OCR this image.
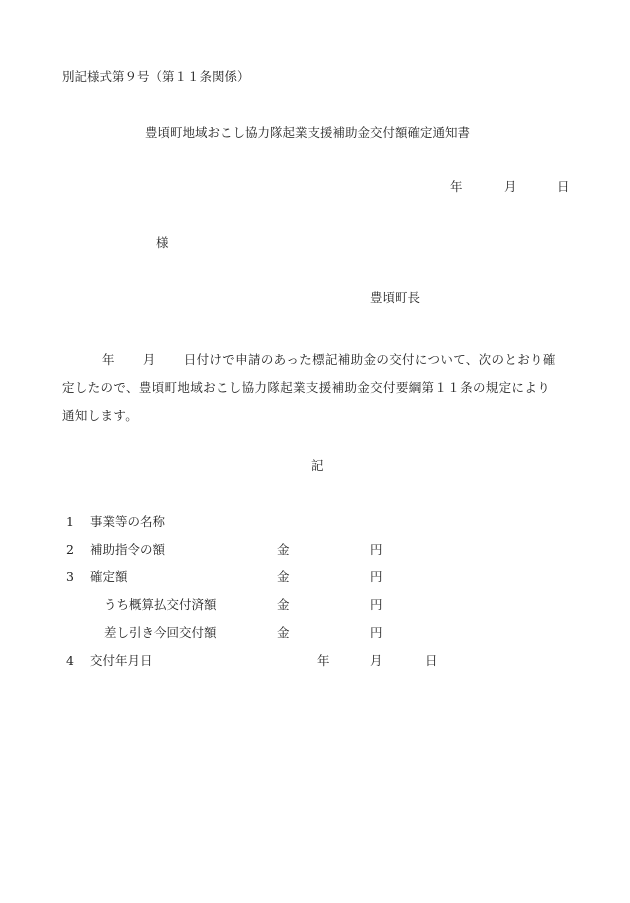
別記様式第９号（第１１条関係）
豊頃町地域おこし協力隊起業支援補助金交付額確定通知書
年	月	日
様
豊頃町長
年 月 日付けで申請のあった標記補助金の交付について、次のとおり確
定したので、豊頃町地域おこし協力隊起業支援補助金交付要綱第１１条の規定により
通知します。
記
1 事業等の名称
2 補助指令の額	金	円
3 確定額	金	円
うち概算払交付済額	金	円
差し引き今回交付額	金	円
4 交付年月日	年	月	日
